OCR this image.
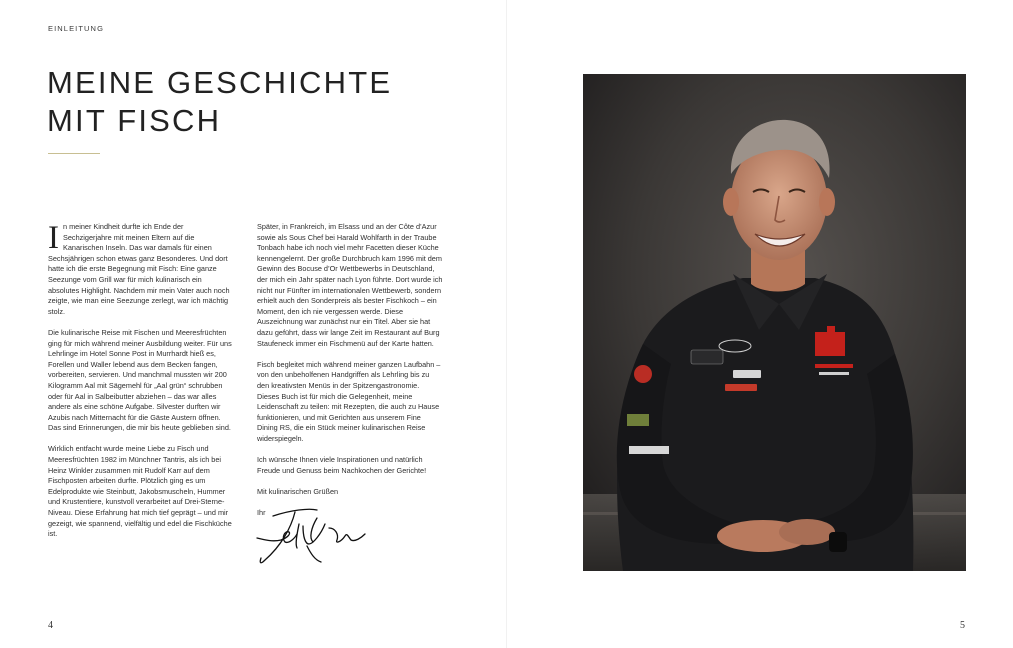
EINLEITUNG
MEINE GESCHICHTE
MIT FISCH

In meiner Kindheit durfte ich Ende der Sechzigerjahre mit meinen Eltern auf die Kanarischen Inseln. Das war damals für einen Sechsjährigen schon etwas ganz Besonderes. Und dort hatte ich die erste Begegnung mit Fisch: Eine ganze Seezunge vom Grill war für mich kulinarisch ein absolutes Highlight. Nachdem mir mein Vater auch noch zeigte, wie man eine Seezunge zerlegt, war ich mächtig stolz.

Die kulinarische Reise mit Fischen und Meeresfrüchten ging für mich während meiner Ausbildung weiter. Für uns Lehrlinge im Hotel Sonne Post in Murrhardt hieß es, Forellen und Waller lebend aus dem Becken fangen, vorbereiten, servieren. Und manchmal mussten wir 200 Kilogramm Aal mit Sägemehl für „Aal grün“ schrubben oder für Aal in Salbeibutter abziehen – das war alles andere als eine schöne Aufgabe. Silvester durften wir Azubis nach Mitternacht für die Gäste Austern öffnen. Das sind Erinnerungen, die mir bis heute geblieben sind.

Wirklich entfacht wurde meine Liebe zu Fisch und Meeresfrüchten 1982 im Münchner Tantris, als ich bei Heinz Winkler zusammen mit Rudolf Karr auf dem Fischposten arbeiten durfte. Plötzlich ging es um Edelprodukte wie Steinbutt, Jakobsmuscheln, Hummer und Krustentiere, kunstvoll verarbeitet auf Drei-Sterne-Niveau. Diese Erfahrung hat mich tief geprägt – und mir gezeigt, wie spannend, vielfältig und edel die Fischküche ist.

Später, in Frankreich, im Elsass und an der Côte d’Azur sowie als Sous Chef bei Harald Wohlfarth in der Traube Tonbach habe ich noch viel mehr Facetten dieser Küche kennengelernt. Der große Durchbruch kam 1996 mit dem Gewinn des Bocuse d’Or Wettbewerbs in Deutschland, der mich ein Jahr später nach Lyon führte. Dort wurde ich nicht nur Fünfter im internationalen Wettbewerb, sondern erhielt auch den Sonderpreis als bester Fischkoch – ein Moment, den ich nie vergessen werde. Diese Auszeichnung war zunächst nur ein Titel. Aber sie hat dazu geführt, dass wir lange Zeit im Restaurant auf Burg Staufeneck immer ein Fischmenü auf der Karte hatten.

Fisch begleitet mich während meiner ganzen Laufbahn – von den unbeholfenen Handgriffen als Lehrling bis zu den kreativsten Menüs in der Spitzengastronomie. Dieses Buch ist für mich die Gelegenheit, meine Leidenschaft zu teilen: mit Rezepten, die auch zu Hause funktionieren, und mit Gerichten aus unserem Fine Dining RS, die ein Stück meiner kulinarischen Reise widerspiegeln.

Ich wünsche Ihnen viele Inspirationen und natürlich Freude und Genuss beim Nachkochen der Gerichte!

Mit kulinarischen Grüßen

Ihr
4	5
